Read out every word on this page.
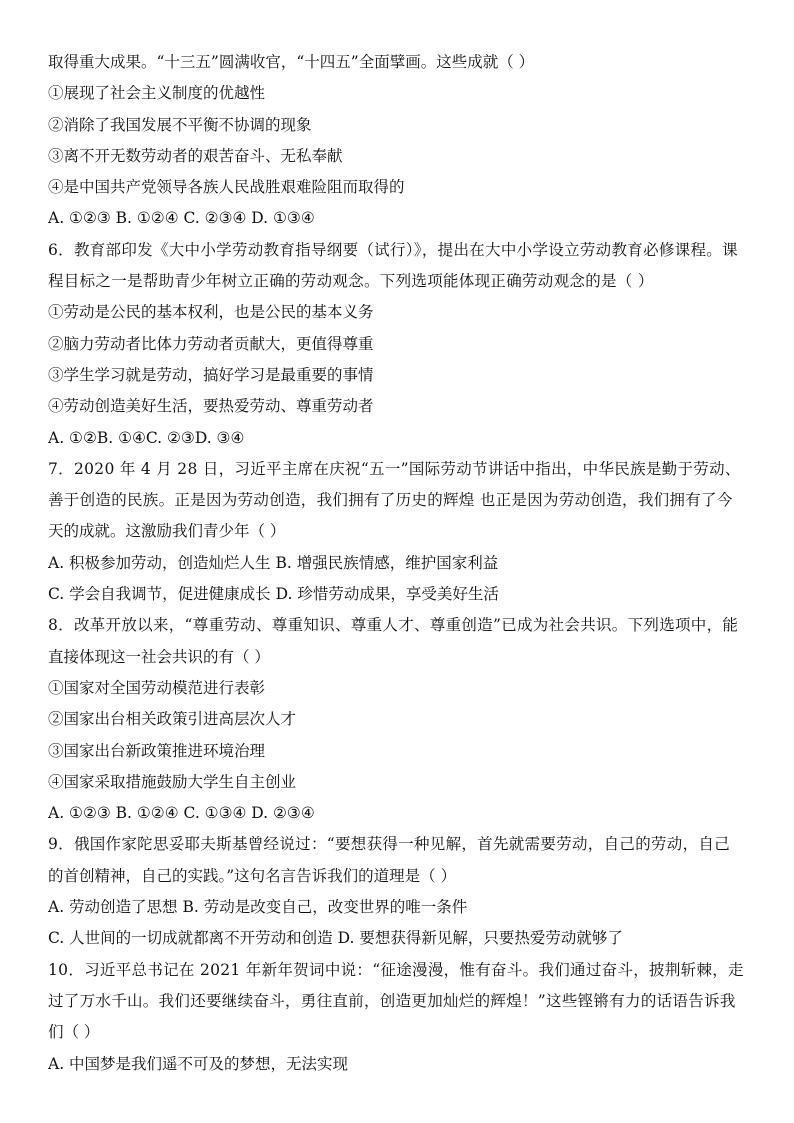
取得重大成果。“十三五”圆满收官，“十四五”全面擘画。这些成就（ ）
①展现了社会主义制度的优越性
②消除了我国发展不平衡不协调的现象
③离不开无数劳动者的艰苦奋斗、无私奉献
④是中国共产党领导各族人民战胜艰难险阻而取得的
A. ①②③ B. ①②④ C. ②③④ D. ①③④
6．教育部印发《大中小学劳动教育指导纲要（试行）》，提出在大中小学设立劳动教育必修课程。课
程目标之一是帮助青少年树立正确的劳动观念。下列选项能体现正确劳动观念的是（ ）
①劳动是公民的基本权利，也是公民的基本义务
②脑力劳动者比体力劳动者贡献大，更值得尊重
③学生学习就是劳动，搞好学习是最重要的事情
④劳动创造美好生活，要热爱劳动、尊重劳动者
A. ①②B. ①④C. ②③D. ③④
7．2020 年 4 月 28 日，习近平主席在庆祝“五一”国际劳动节讲话中指出，中华民族是勤于劳动、
善于创造的民族。正是因为劳动创造，我们拥有了历史的辉煌 也正是因为劳动创造，我们拥有了今
天的成就。这激励我们青少年（ ）
A. 积极参加劳动，创造灿烂人生 B. 增强民族情感，维护国家利益
C. 学会自我调节，促进健康成长 D. 珍惜劳动成果，享受美好生活
8．改革开放以来，“尊重劳动、尊重知识、尊重人才、尊重创造”已成为社会共识。下列选项中，能
直接体现这一社会共识的有（ ）
①国家对全国劳动模范进行表彰
②国家出台相关政策引进高层次人才
③国家出台新政策推进环境治理
④国家采取措施鼓励大学生自主创业
A. ①②③ B. ①②④ C. ①③④ D. ②③④
9．俄国作家陀思妥耶夫斯基曾经说过：“要想获得一种见解，首先就需要劳动，自己的劳动，自己
的首创精神，自己的实践。”这句名言告诉我们的道理是（ ）
A. 劳动创造了思想 B. 劳动是改变自己，改变世界的唯一条件
C. 人世间的一切成就都离不开劳动和创造 D. 要想获得新见解，只要热爱劳动就够了
10．习近平总书记在 2021 年新年贺词中说：“征途漫漫，惟有奋斗。我们通过奋斗，披荆斩棘，走
过了万水千山。我们还要继续奋斗，勇往直前，创造更加灿烂的辉煌！”这些铿锵有力的话语告诉我
们（ ）
A. 中国梦是我们遥不可及的梦想，无法实现
